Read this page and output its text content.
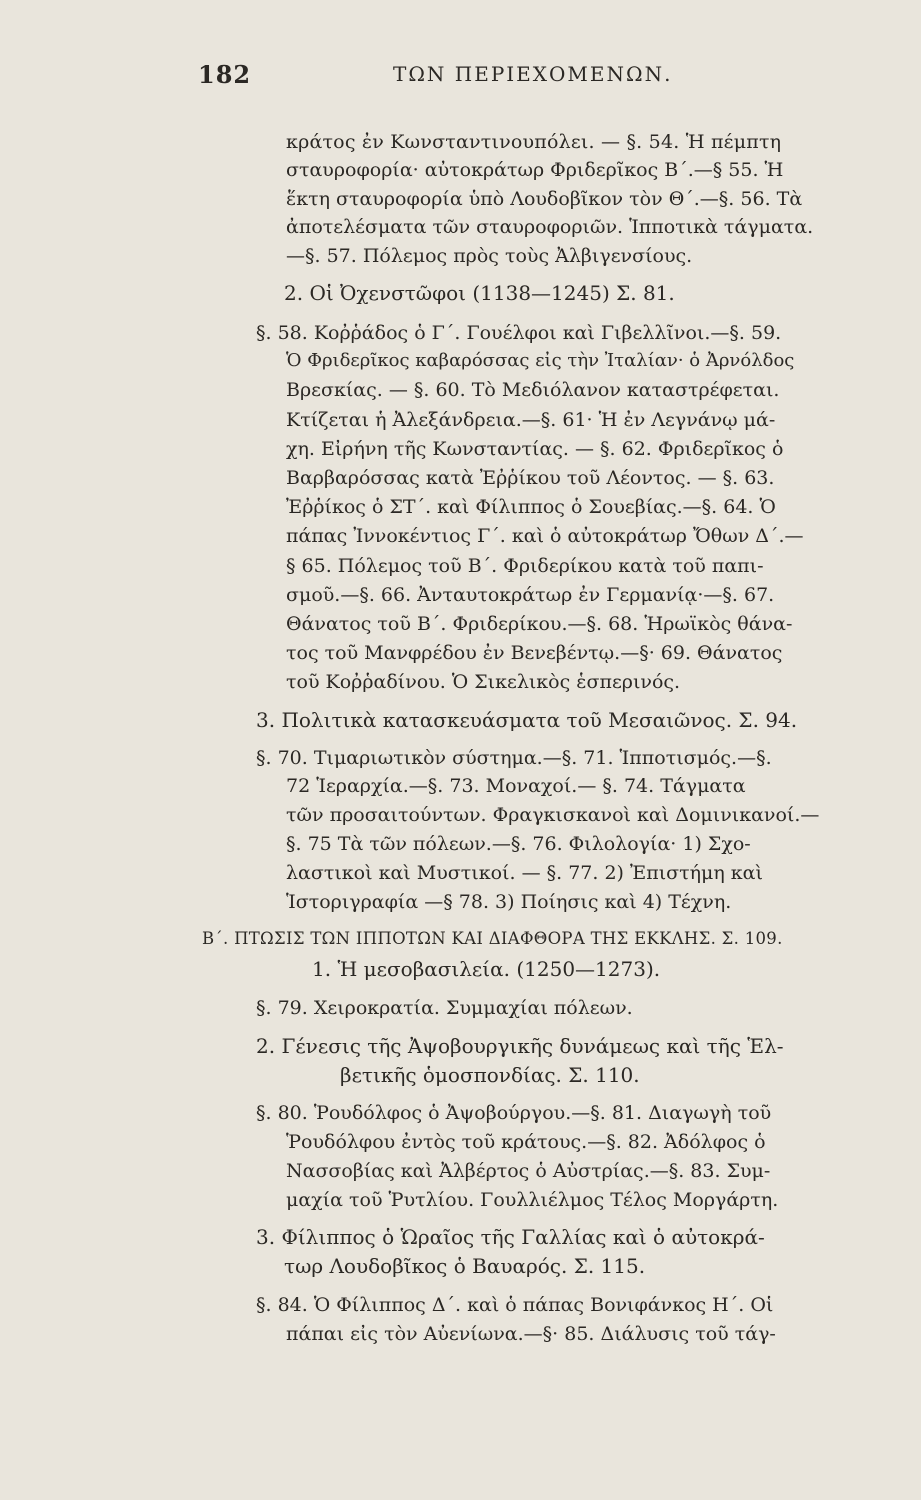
182	ΤΩΝ ΠΕΡΙΕΧΟΜΕΝΩΝ.
κράτος ἐν Κωνσταντινουπόλει. — §. 54. Ἡ πέμπτη
σταυροφορία· αὐτοκράτωρ Φριδερῖκος Β΄.—§ 55. Ἡ
ἕκτη σταυροφορία ὑπὸ Λουδοβῖκον τὸν Θ΄.—§. 56. Τὰ
ἀποτελέσματα τῶν σταυροφοριῶν. Ἱπποτικὰ τάγματα.
—§. 57. Πόλεμος πρὸς τοὺς Ἀλβιγενσίους.
2. Οἱ Ὀχενστῶφοι (1138—1245) Σ. 81.
§. 58. Κοῤῥάδος ὁ Γ΄. Γουέλφοι καὶ Γιβελλῖνοι.—§. 59.
Ὁ Φριδερῖκος καβαρόσσας εἰς τὴν Ἰταλίαν· ὁ Ἀρνόλδος
Βρεσκίας. — §. 60. Τὸ Μεδιόλανον καταστρέφεται.
Κτίζεται ἡ Ἀλεξάνδρεια.—§. 61· Ἡ ἐν Λεγνάνῳ μά-
χη. Εἰρήνη τῆς Κωνσταντίας. — §. 62. Φριδερῖκος ὁ
Βαρβαρόσσας κατὰ Ἐῤῥίκου τοῦ Λέοντος. — §. 63.
Ἐῤῥίκος ὁ ΣΤ΄. καὶ Φίλιππος ὁ Σουεβίας.—§. 64. Ὁ
πάπας Ἰννοκέντιος Γ΄. καὶ ὁ αὐτοκράτωρ Ὄθων Δ΄.—
§ 65. Πόλεμος τοῦ Β΄. Φριδερίκου κατὰ τοῦ παπι-
σμοῦ.—§. 66. Ἀνταυτοκράτωρ ἐν Γερμανίᾳ·—§. 67.
Θάνατος τοῦ Β΄. Φριδερίκου.—§. 68. Ἡρωϊκὸς θάνα-
τος τοῦ Μανφρέδου ἐν Βενεβέντῳ.—§· 69. Θάνατος
τοῦ Κοῤῥαδίνου. Ὁ Σικελικὸς ἑσπερινός.
3. Πολιτικὰ κατασκευάσματα τοῦ Μεσαιῶνος. Σ. 94.
§. 70. Τιμαριωτικὸν σύστημα.—§. 71. Ἱπποτισμός.—§.
72 Ἱεραρχία.—§. 73. Μοναχοί.— §. 74. Τάγματα
τῶν προσαιτούντων. Φραγκισκανοὶ καὶ Δομινικανοί.—
§. 75 Τὰ τῶν πόλεων.—§. 76. Φιλολογία· 1) Σχο-
λαστικοὶ καὶ Μυστικοί. — §. 77. 2) Ἐπιστήμη καὶ
Ἱστοριγραφία —§ 78. 3) Ποίησις καὶ 4) Τέχνη.
Β΄. ΠΤΩΣΙΣ ΤΩΝ ΙΠΠΟΤΩΝ ΚΑΙ ΔΙΑΦΘΟΡΑ ΤΗΣ ΕΚΚΛΗΣ. Σ. 109.
1. Ἡ μεσοβασιλεία. (1250—1273).
§. 79. Χειροκρατία. Συμμαχίαι πόλεων.
2. Γένεσις τῆς Ἀψοβουργικῆς δυνάμεως καὶ τῆς Ἑλ-
βετικῆς ὁμοσπονδίας. Σ. 110.
§. 80. Ῥουδόλφος ὁ Ἀψοβούργου.—§. 81. Διαγωγὴ τοῦ
Ῥουδόλφου ἐντὸς τοῦ κράτους.—§. 82. Ἀδόλφος ὁ
Νασσοβίας καὶ Ἀλβέρτος ὁ Αὐστρίας.—§. 83. Συμ-
μαχία τοῦ Ῥυτλίου. Γουλλιέλμος Τέλος Μοργάρτη.
3. Φίλιππος ὁ Ὡραῖος τῆς Γαλλίας καὶ ὁ αὐτοκρά-
τωρ Λουδοβῖκος ὁ Βαυαρός. Σ. 115.
§. 84. Ὁ Φίλιππος Δ΄. καὶ ὁ πάπας Βονιφάνκος Η΄. Οἱ
πάπαι εἰς τὸν Αὐενίωνα.—§· 85. Διάλυσις τοῦ τάγ-
